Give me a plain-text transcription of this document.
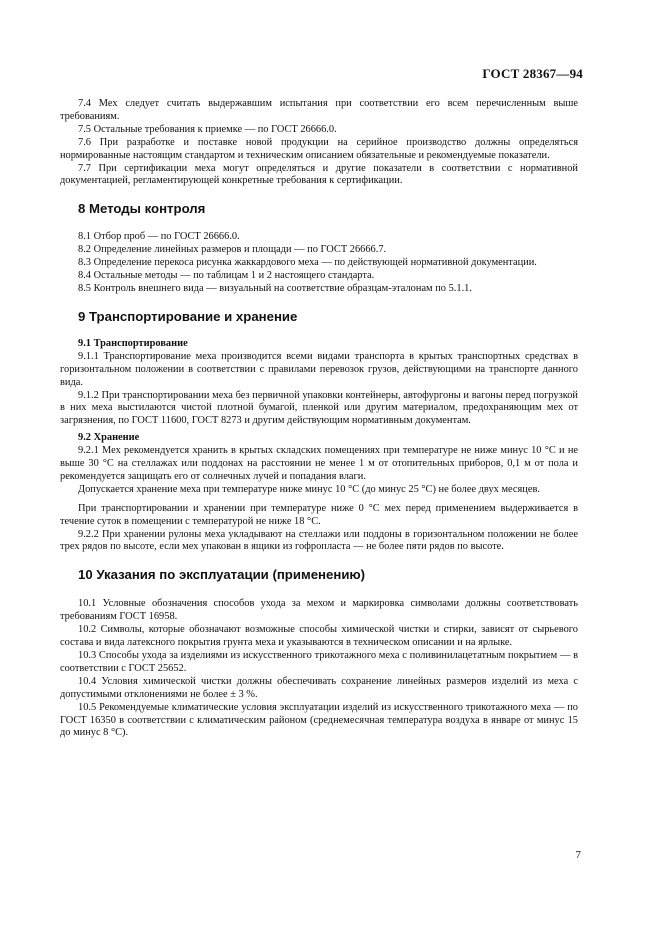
ГОСТ 28367—94

7.4 Мех следует считать выдержавшим испытания при соответствии его всем перечисленным выше требованиям.

7.5 Остальные требования к приемке — по ГОСТ 26666.0.

7.6 При разработке и поставке новой продукции на серийное производство должны определяться нормированные настоящим стандартом и техническим описанием обязательные и рекомендуемые показатели.

7.7 При сертификации меха могут определяться и другие показатели в соответствии с нормативной документацией, регламентирующей конкретные требования к сертификации.

8 Методы контроля

8.1 Отбор проб — по ГОСТ 26666.0.

8.2 Определение линейных размеров и площади — по ГОСТ 26666.7.

8.3 Определение перекоса рисунка жаккардового меха — по действующей нормативной документации.

8.4 Остальные методы — по таблицам 1 и 2 настоящего стандарта.

8.5 Контроль внешнего вида — визуальный на соответствие образцам-эталонам по 5.1.1.

9 Транспортирование и хранение

9.1 Транспортирование

9.1.1 Транспортирование меха производится всеми видами транспорта в крытых транспортных средствах в горизонтальном положении в соответствии с правилами перевозок грузов, действующими на транспорте данного вида.

9.1.2 При транспортировании меха без первичной упаковки контейнеры, автофургоны и вагоны перед погрузкой в них меха выстилаются чистой плотной бумагой, пленкой или другим материалом, предохраняющим мех от загрязнения, по ГОСТ 11600, ГОСТ 8273 и другим действующим нормативным документам.

9.2 Хранение

9.2.1 Мех рекомендуется хранить в крытых складских помещениях при температуре не ниже минус 10 °С и не выше 30 °С на стеллажах или поддонах на расстоянии не менее 1 м от отопительных приборов, 0,1 м от пола и рекомендуется защищать его от солнечных лучей и попадания влаги.

Допускается хранение меха при температуре ниже минус 10 °С (до минус 25 °С) не более двух месяцев.

При транспортировании и хранении при температуре ниже 0 °С мех перед применением выдерживается в течение суток в помещении с температурой не ниже 18 °С.

9.2.2 При хранении рулоны меха укладывают на стеллажи или поддоны в горизонтальном положении не более трех рядов по высоте, если мех упакован в ящики из гофропласта — не более пяти рядов по высоте.

10 Указания по эксплуатации (применению)

10.1 Условные обозначения способов ухода за мехом и маркировка символами должны соответствовать требованиям ГОСТ 16958.

10.2 Символы, которые обозначают возможные способы химической чистки и стирки, зависят от сырьевого состава и вида латексного покрытия грунта меха и указываются в техническом описании и на ярлыке.

10.3 Способы ухода за изделиями из искусственного трикотажного меха с поливинилацетатным покрытием — в соответствии с ГОСТ 25652.

10.4 Условия химической чистки должны обеспечивать сохранение линейных размеров изделий из меха с допустимыми отклонениями не более ± 3 %.

10.5 Рекомендуемые климатические условия эксплуатации изделий из искусственного трикотажного меха — по ГОСТ 16350 в соответствии с климатическим районом (среднемесячная температура воздуха в январе от минус 15 до минус 8 °С).

7
